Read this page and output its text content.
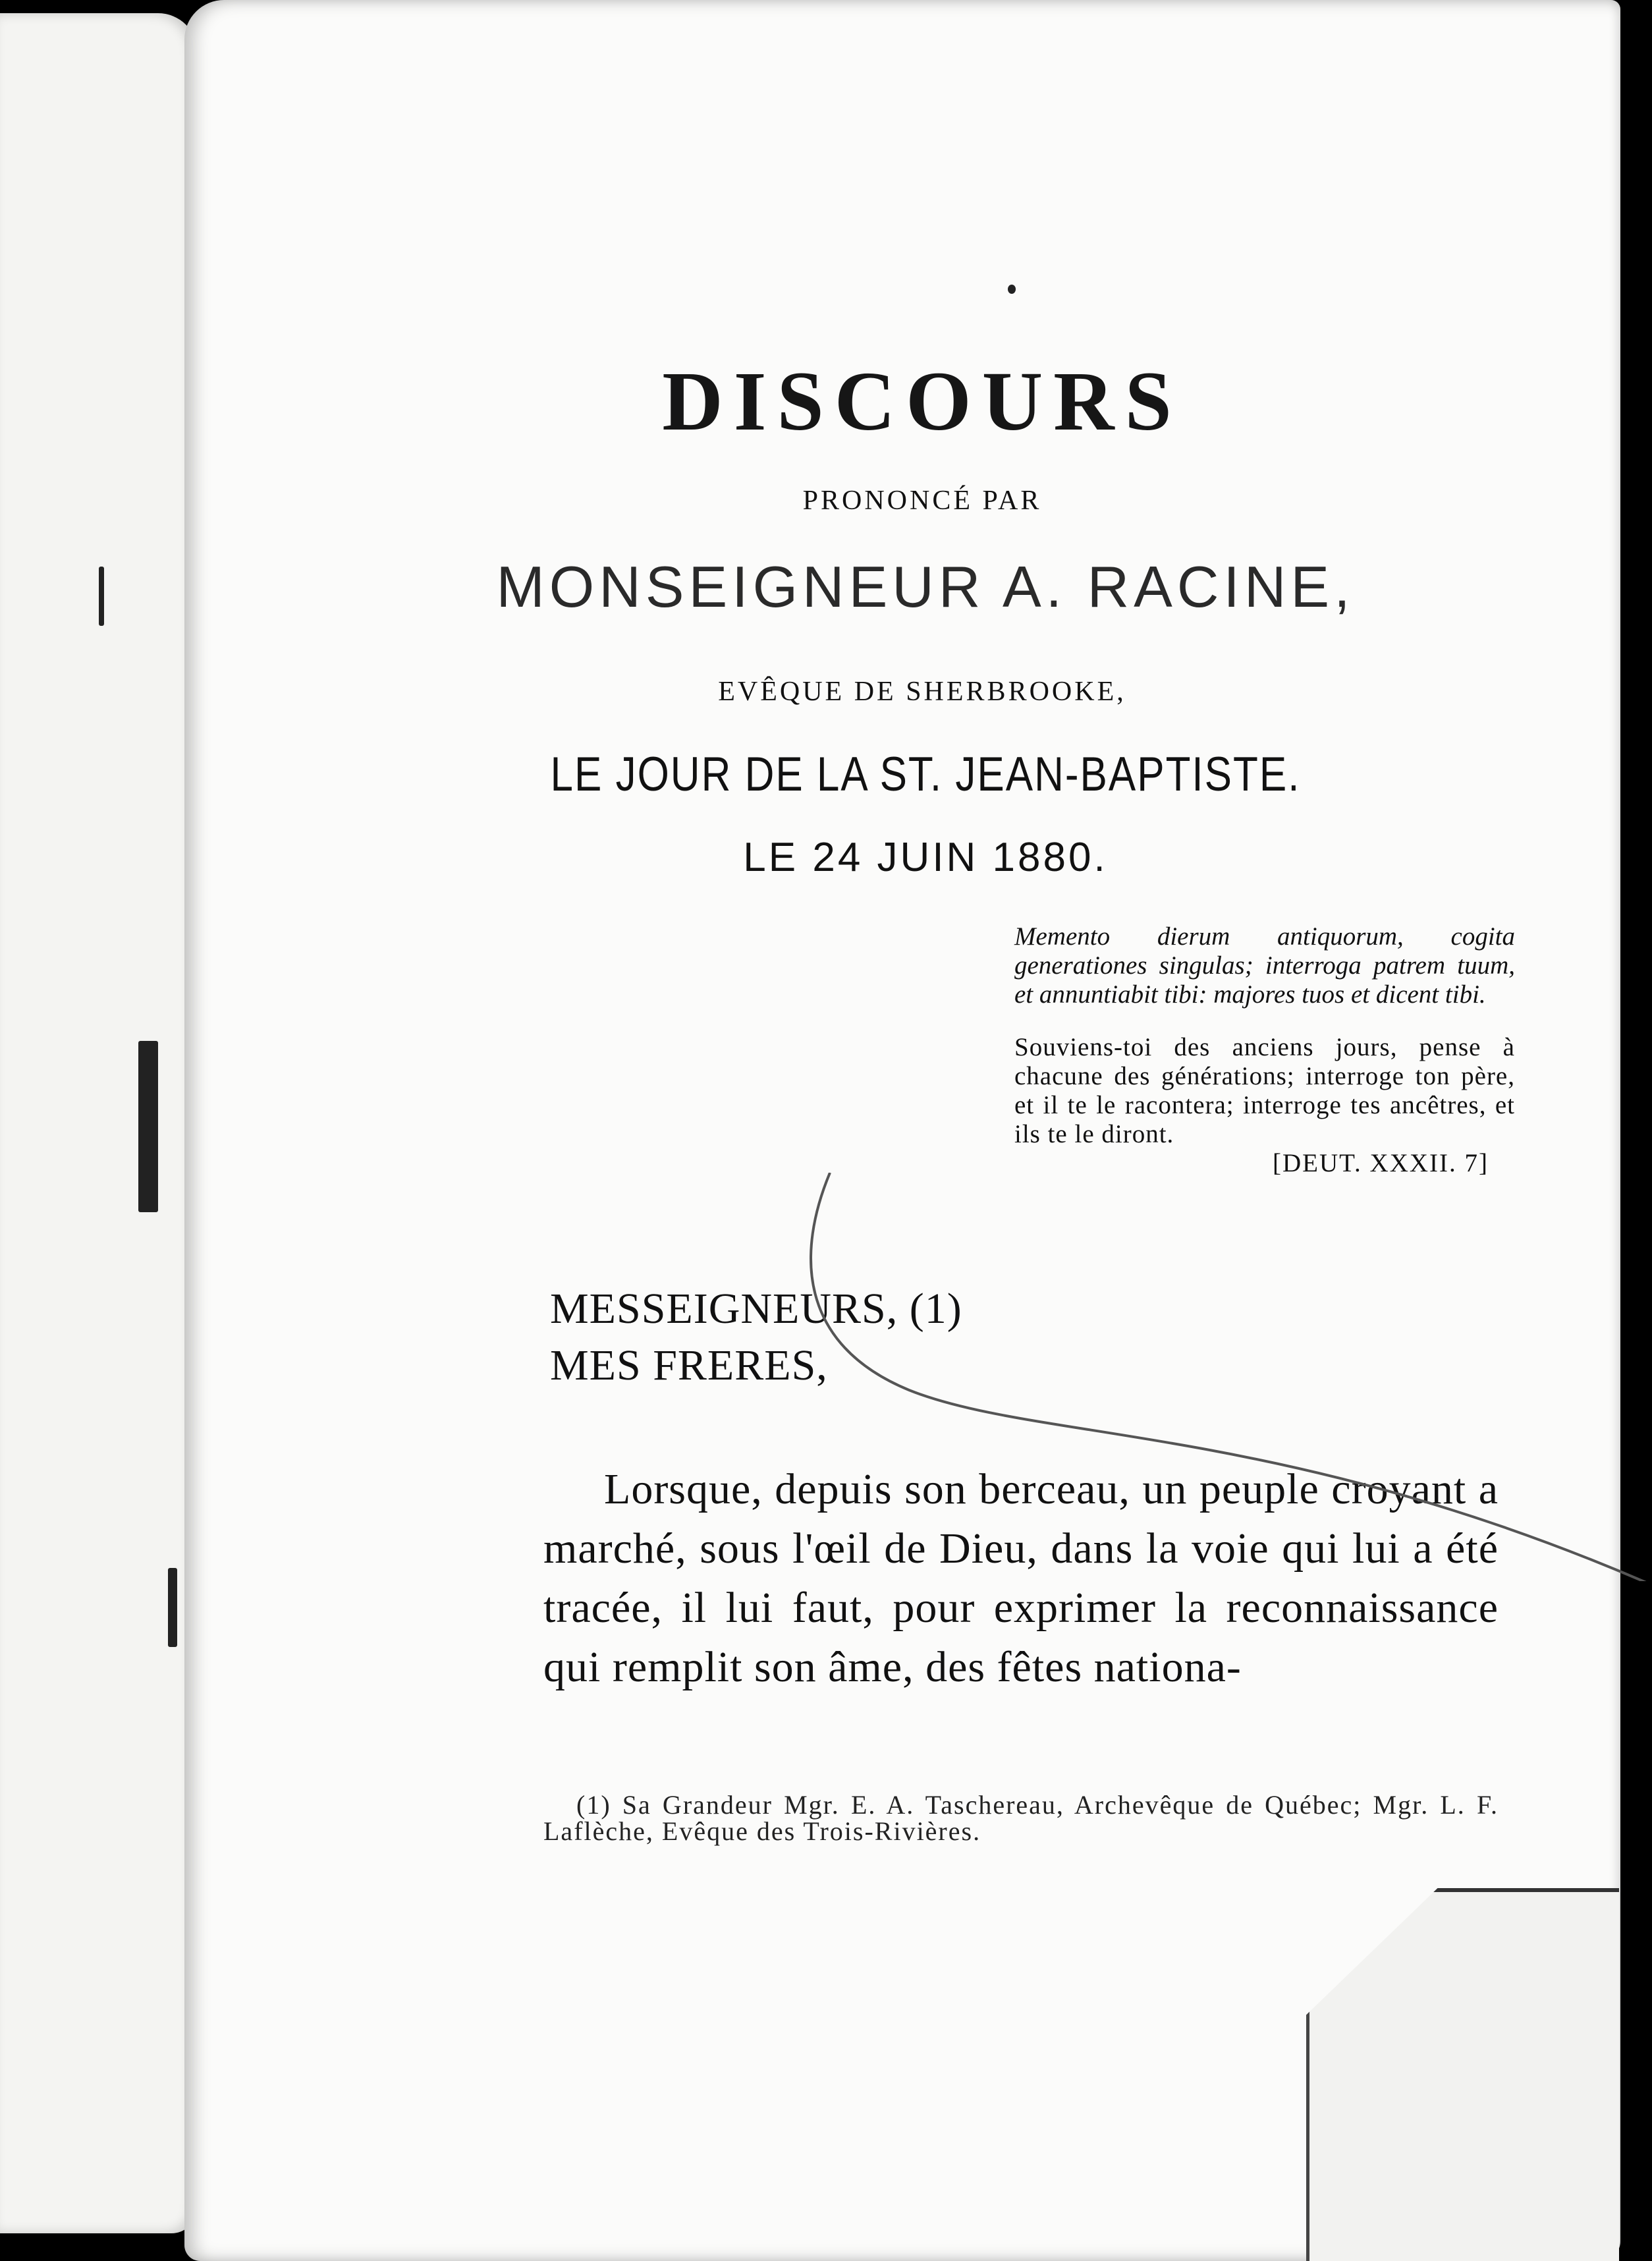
DISCOURS
PRONONCÉ PAR
MONSEIGNEUR A. RACINE,
EVÊQUE DE SHERBROOKE,
LE JOUR DE LA ST. JEAN-BAPTISTE.
LE 24 JUIN 1880.

Memento dierum antiquorum, cogita generationes singulas; interroga patrem tuum, et annuntiabit tibi: majores tuos et dicent tibi.

Souviens-toi des anciens jours, pense à chacune des générations; interroge ton père, et il te le racontera; interroge tes ancêtres, et ils te le diront.

[DEUT. XXXII. 7]
MESSEIGNEURS, (1)
MES FRERES,

Lorsque, depuis son berceau, un peuple croyant a marché, sous l'œil de Dieu, dans la voie qui lui a été tracée, il lui faut, pour exprimer la reconnaissance qui remplit son âme, des fêtes nationa-

(1) Sa Grandeur Mgr. E. A. Taschereau, Archevêque de Québec; Mgr. L. F. Laflèche, Evêque des Trois-Rivières.
